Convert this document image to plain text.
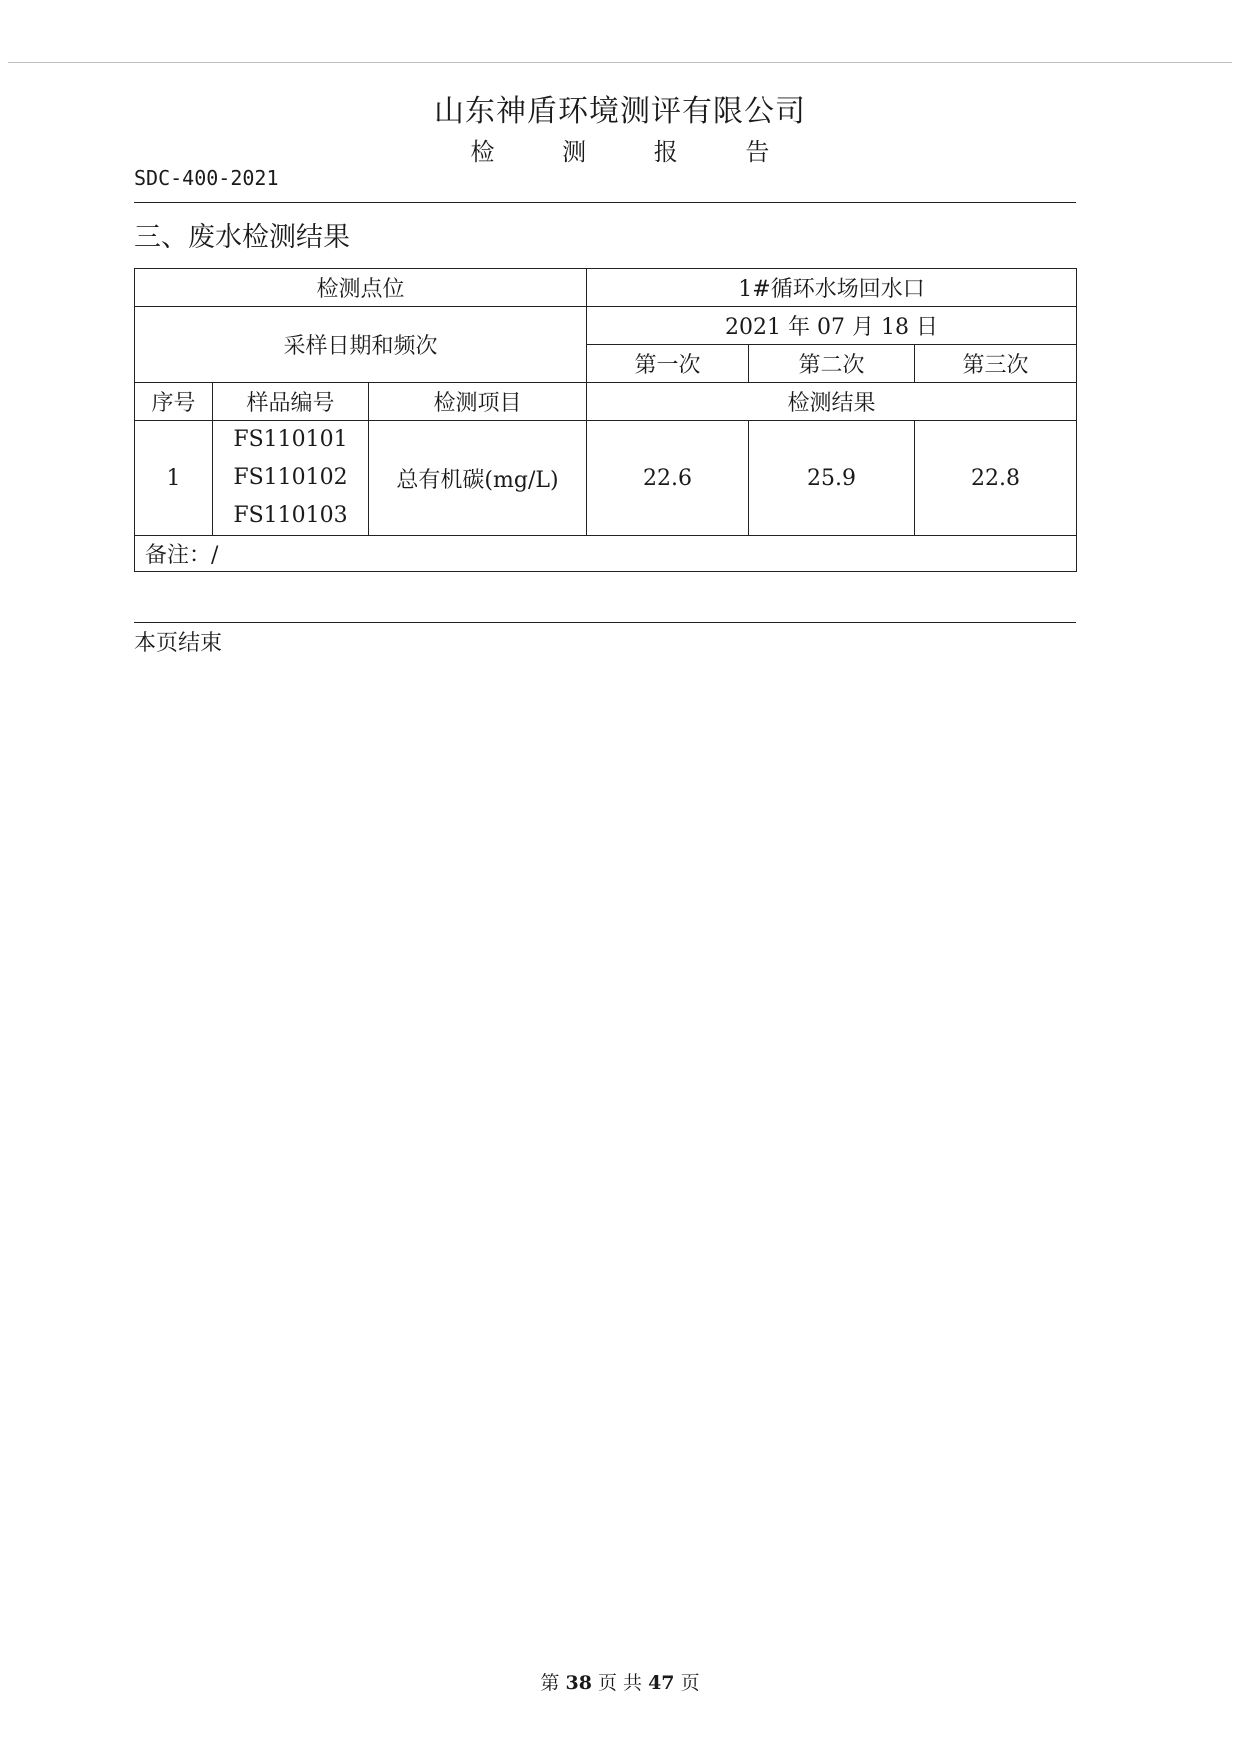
山东神盾环境测评有限公司
检 测 报 告
SDC-400-2021
三、废水检测结果
检测点位			1#循环水场回水口		
采样日期和频次			2021 年 07 月 18 日		
			第一次	第二次	第三次
序号	样品编号	检测项目	检测结果		
1	FS110101
FS110102
FS110103	总有机碳(mg/L)	22.6	25.9	22.8
备注：/					
本页结束
第 38 页 共 47 页
